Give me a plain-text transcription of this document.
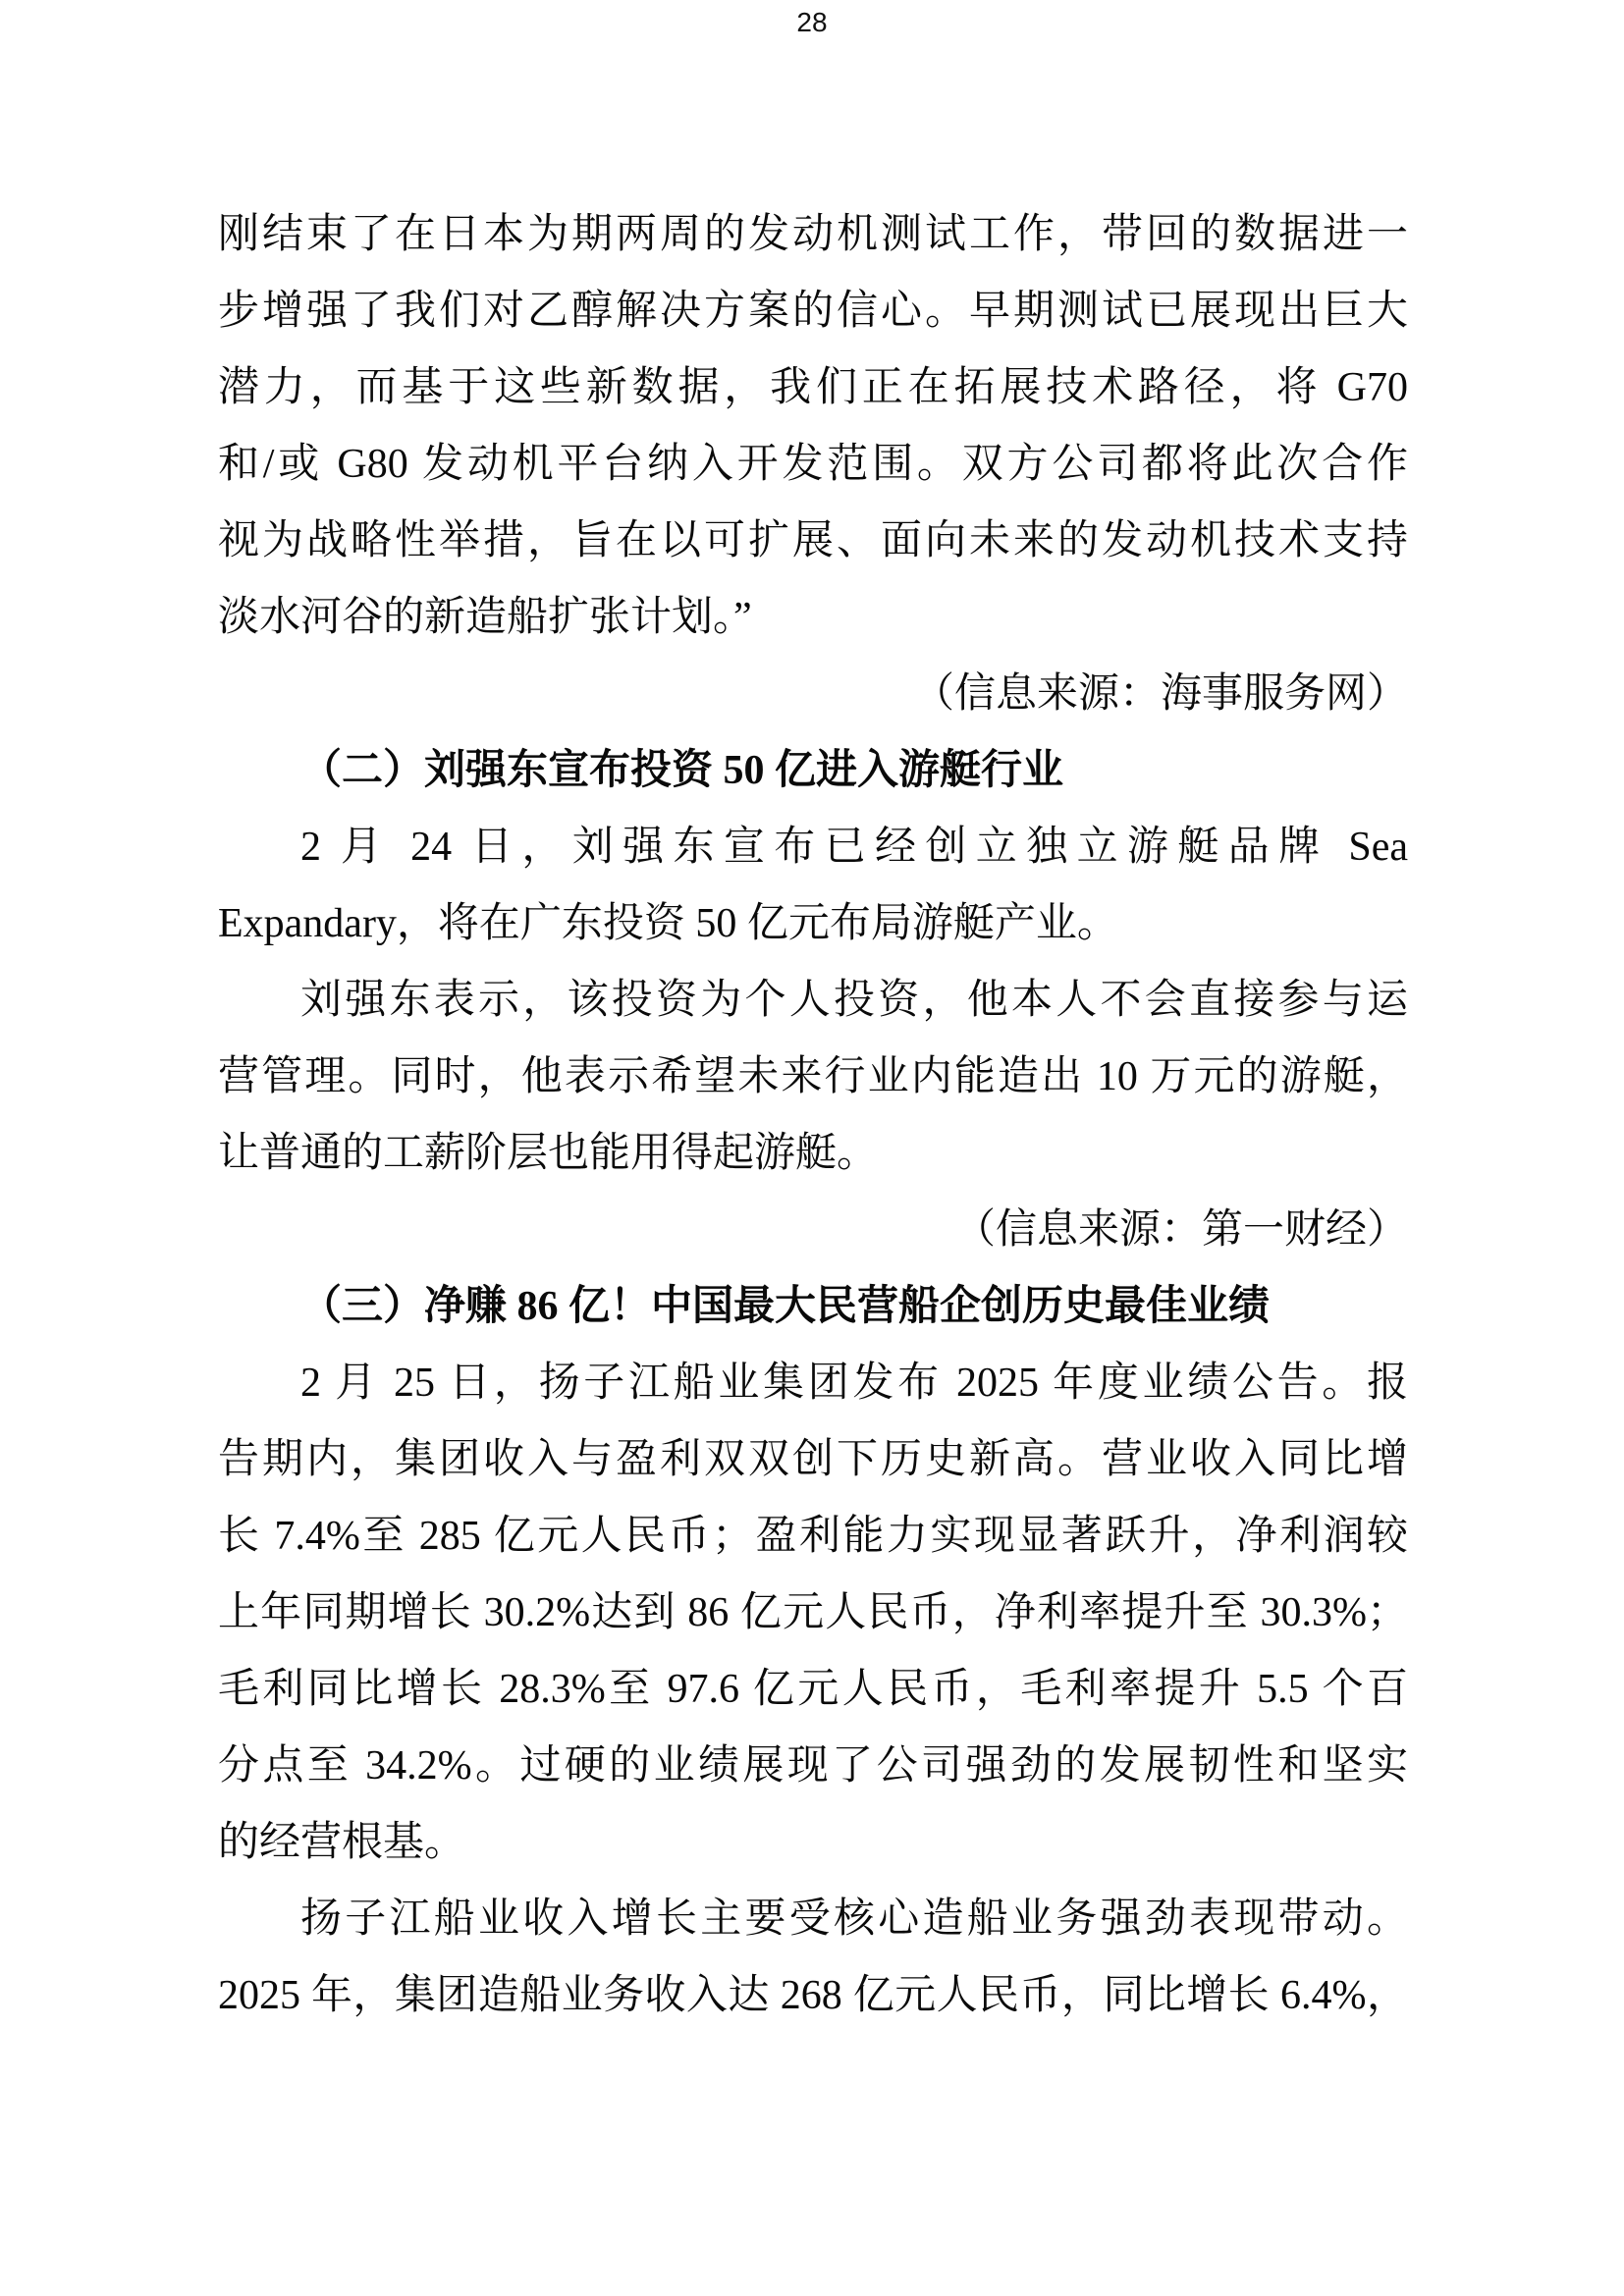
28
刚结束了在日本为期两周的发动机测试工作，带回的数据进一
步增强了我们对乙醇解决方案的信心。早期测试已展现出巨大
潜力，而基于这些新数据，我们正在拓展技术路径，将 G70
和/或 G80 发动机平台纳入开发范围。双方公司都将此次合作
视为战略性举措，旨在以可扩展、面向未来的发动机技术支持
淡水河谷的新造船扩张计划。”
（信息来源：海事服务网）
（二）刘强东宣布投资 50 亿进入游艇行业
2 月 24 日，刘强东宣布已经创立独立游艇品牌 Sea
Expandary，将在广东投资 50 亿元布局游艇产业。
刘强东表示，该投资为个人投资，他本人不会直接参与运
营管理。同时，他表示希望未来行业内能造出 10 万元的游艇，
让普通的工薪阶层也能用得起游艇。
（信息来源：第一财经）
（三）净赚 86 亿！中国最大民营船企创历史最佳业绩
2 月 25 日，扬子江船业集团发布 2025 年度业绩公告。报
告期内，集团收入与盈利双双创下历史新高。营业收入同比增
长 7.4%至 285 亿元人民币；盈利能力实现显著跃升，净利润较
上年同期增长 30.2%达到 86 亿元人民币，净利率提升至 30.3%；
毛利同比增长 28.3%至 97.6 亿元人民币，毛利率提升 5.5 个百
分点至 34.2%。过硬的业绩展现了公司强劲的发展韧性和坚实
的经营根基。
扬子江船业收入增长主要受核心造船业务强劲表现带动。
2025 年，集团造船业务收入达 268 亿元人民币，同比增长 6.4%，
